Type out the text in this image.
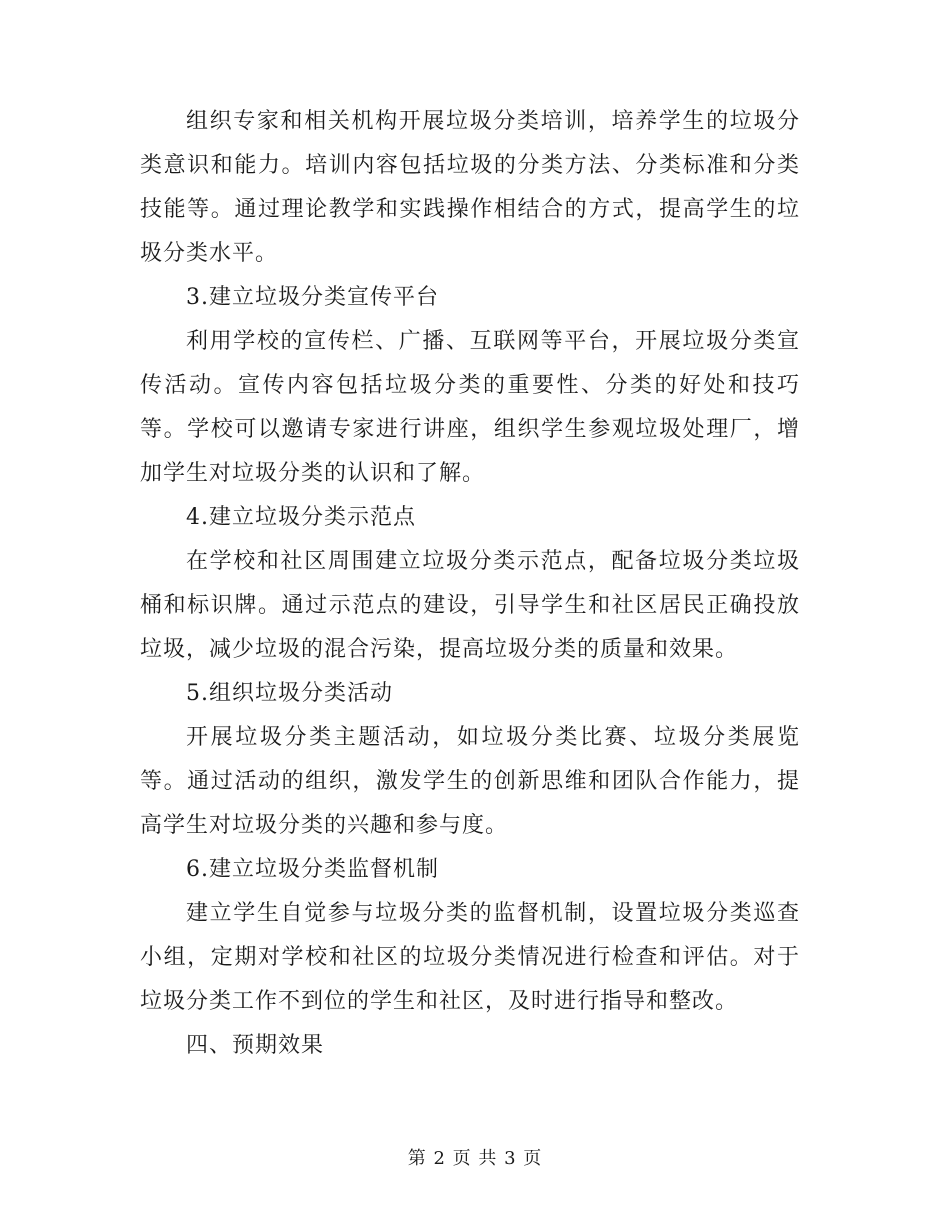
组织专家和相关机构开展垃圾分类培训，培养学生的垃圾分类意识和能力。培训内容包括垃圾的分类方法、分类标准和分类技能等。通过理论教学和实践操作相结合的方式，提高学生的垃圾分类水平。

3.建立垃圾分类宣传平台

利用学校的宣传栏、广播、互联网等平台，开展垃圾分类宣传活动。宣传内容包括垃圾分类的重要性、分类的好处和技巧等。学校可以邀请专家进行讲座，组织学生参观垃圾处理厂，增加学生对垃圾分类的认识和了解。

4.建立垃圾分类示范点

在学校和社区周围建立垃圾分类示范点，配备垃圾分类垃圾桶和标识牌。通过示范点的建设，引导学生和社区居民正确投放垃圾，减少垃圾的混合污染，提高垃圾分类的质量和效果。

5.组织垃圾分类活动

开展垃圾分类主题活动，如垃圾分类比赛、垃圾分类展览等。通过活动的组织，激发学生的创新思维和团队合作能力，提高学生对垃圾分类的兴趣和参与度。

6.建立垃圾分类监督机制

建立学生自觉参与垃圾分类的监督机制，设置垃圾分类巡查小组，定期对学校和社区的垃圾分类情况进行检查和评估。对于垃圾分类工作不到位的学生和社区，及时进行指导和整改。

四、预期效果

第 2 页 共 3 页
